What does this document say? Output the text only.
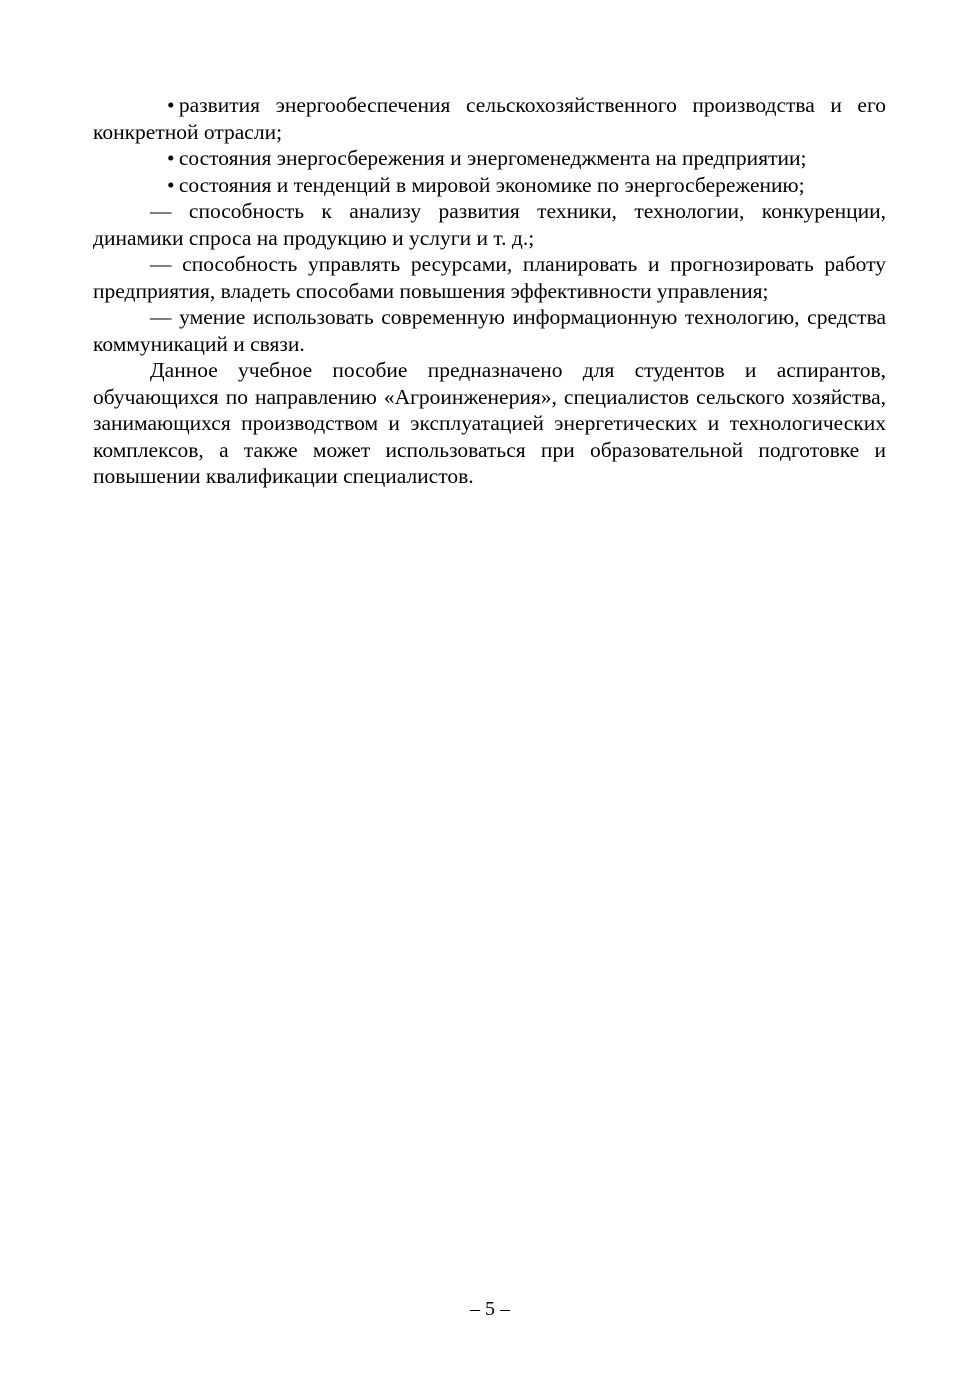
• развития энергообеспечения сельскохозяйственного производства и его конкретной отрасли;

• состояния энергосбережения и энергоменеджмента на предприятии;

• состояния и тенденций в мировой экономике по энергосбережению;

— способность к анализу развития техники, технологии, конкуренции, динамики спроса на продукцию и услуги и т. д.;

— способность управлять ресурсами, планировать и прогнозировать работу предприятия, владеть способами повышения эффективности управления;

— умение использовать современную информационную технологию, средства коммуникаций и связи.

Данное учебное пособие предназначено для студентов и аспирантов, обучающихся по направлению «Агроинженерия», специалистов сельского хозяйства, занимающихся производством и эксплуатацией энергетических и технологических комплексов, а также может использоваться при образовательной подготовке и повышении квалификации специалистов.

– 5 –
